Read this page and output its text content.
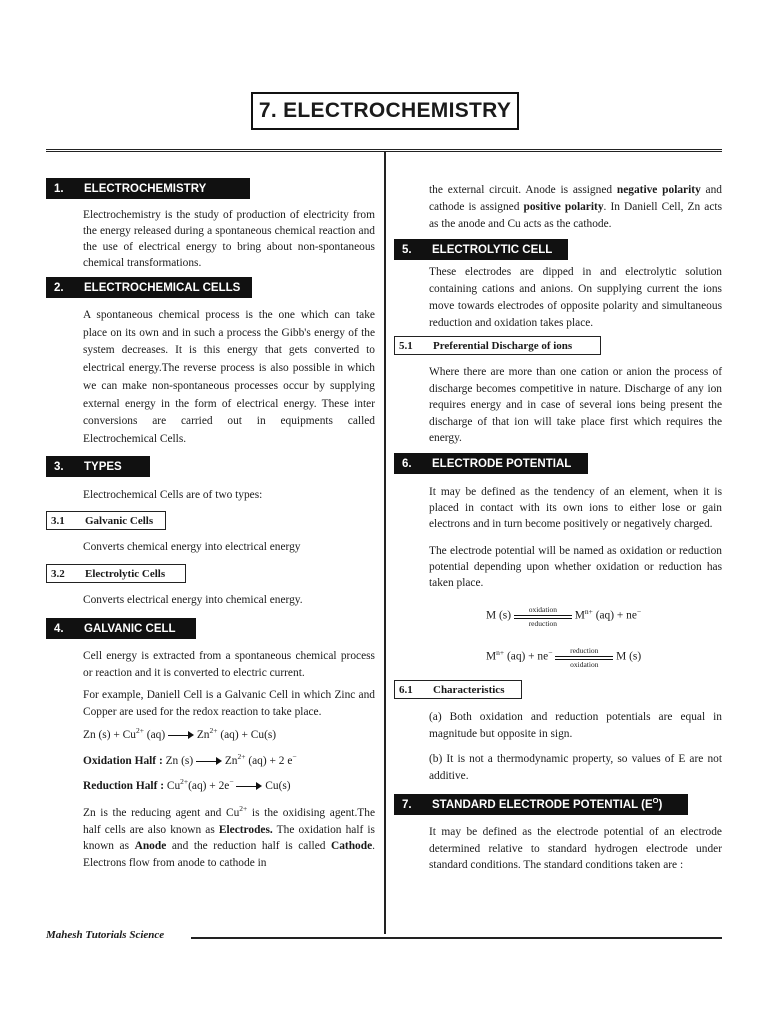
7. ELECTROCHEMISTRY
1.	ELECTROCHEMISTRY

Electrochemistry is the study of production of electricity from the energy released during a spontaneous chemical reaction and the use of electrical energy to bring about non-spontaneous chemical transformations.

2.	ELECTROCHEMICAL CELLS

A spontaneous chemical process is the one which can take place on its own and in such a process the Gibb's energy of the system decreases. It is this energy that gets converted to electrical energy.The reverse process is also possible in which we can make non-spontaneous processes occur by supplying external energy in the form of electrical energy. These inter conversions are carried out in equipments called Electrochemical Cells.

3.	TYPES

Electrochemical Cells are of two types:

3.1	Galvanic Cells

Converts chemical energy into electrical energy

3.2	Electrolytic Cells

Converts electrical energy into chemical energy.

4.	GALVANIC CELL

Cell energy is extracted from a spontaneous chemical process or reaction and it is converted to electric current.

For example, Daniell Cell is a Galvanic Cell in which Zinc and Copper are used for the redox reaction to take place.

Zn $(s) + Cu^{2+}$ (aq)  $Zn^{2+}$ (aq) + Cu(s)
Oxidation Half : Zn (s)  $Zn^{2+}$ (aq) + 2 e−
Reduction Half : $Cu^{2+}(aq) + 2e^-$	Cu(s)

Zn is the reducing agent and $Cu^{2+}$ is the oxidising agent.The half cells are also known as Electrodes. The oxidation half is known as Anode and the reduction half is called Cathode. Electrons flow from anode to cathode in

the external circuit. Anode is assigned negative polarity and cathode is assigned positive polarity. In Daniell Cell, Zn acts as the anode and Cu acts as the cathode.

5.	ELECTROLYTIC CELL

These electrodes are dipped in and electrolytic solution containing cations and anions. On supplying current the ions move towards electrodes of opposite polarity and simultaneous reduction and oxidation takes place.

5.1	Preferential Discharge of ions

Where there are more than one cation or anion the process of discharge becomes competitive in nature. Discharge of any ion requires energy and in case of several ions being present the discharge of that ion will take place first which requires the energy.

6.	ELECTRODE POTENTIAL

It may be defined as the tendency of an element, when it is placed in contact with its own ions to either lose or gain electrons and in turn become positively or negatively charged.

The electrode potential will be named as oxidation or reduction potential depending upon whether oxidation or reduction has taken place.

M (s)
oxidation
reduction
$M^{n+}$ (aq) + ne−
$M^{n+}$ (aq) + ne−	reduction
oxidation
M (s)
6.1	Characteristics

(a) Both oxidation and reduction potentials are equal in magnitude but opposite in sign.

(b) It is not a thermodynamic property, so values of E are not additive.

7.	STANDARD ELECTRODE POTENTIAL $(E^O)$

It may be defined as the electrode potential of an electrode determined relative to standard hydrogen electrode under standard conditions. The standard conditions taken are :

Mahesh Tutorials Science
